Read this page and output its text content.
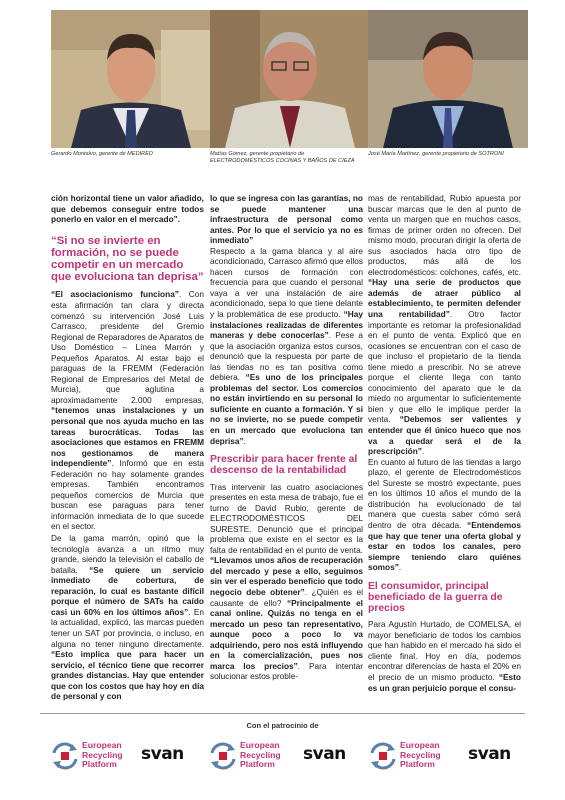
Gerardo Montalvo, gerente de MEDIRED	Matías Gómez, gerente propietario de
ELECTRODOMÉSTICOS COCINAS Y BAÑOS DE CIEZA
José María Martínez, gerente propietario de SOTRONI

ción horizontal tiene un valor añadido, que debemos conseguir entre todos ponerlo en valor en el mercado”.

“Si no se invierte en formación, no se puede competir en un mercado que evoluciona tan deprisa”

“El asociacionismo funciona”. Con esta afirmación tan clara y directa comenzó su intervención José Luis Carrasco, presidente del Gremio Regional de Reparadores de Aparatos de Uso Doméstico – Línea Marrón y Pequeños Aparatos. Al estar bajo el paraguas de la FREMM (Federación Regional de Empresarios del Metal de Murcia), que aglutina a aproximadamente 2.000 empresas, “tenemos unas instalaciones y un personal que nos ayuda mucho en las tareas burocráticas. Todas las asociaciones que estamos en FREMM nos gestionamos de manera independiente”. Informó que en esta Federación no hay solamente grandes empresas. También encontramos pequeños comercios de Murcia que buscan ese paraguas para tener información inmediata de lo que sucede en el sector.

De la gama marrón, opinó que la tecnología avanza a un ritmo muy grande, siendo la televisión el caballo de batalla. “Se quiere un servicio inmediato de cobertura, de reparación, lo cual es bastante difícil porque el número de SATs ha caído casi un 60% en los últimos años”. En la actualidad, explicó, las marcas pueden tener un SAT por provincia, o incluso, en alguna no tener ninguno directamente. “Esto implica que para hacer un servicio, el técnico tiene que recorrer grandes distancias. Hay que entender que con los costos que hay hoy en día de personal y con

lo que se ingresa con las garantías, no se puede mantener una infraestructura de personal como antes. Por lo que el servicio ya no es inmediato”

Respecto a la gama blanca y al aire acondicionado, Carrasco afirmó que ellos hacen cursos de formación con frecuencia para que cuando el personal vaya a ver una instalación de aire acondicionado, sepa lo que tiene delante y la problemática de ese producto. “Hay instalaciones realizadas de diferentes maneras y debe conocerlas”. Pese a que la asociación organiza estos cursos, denunció que la respuesta por parte de las tiendas no es tan positiva como debiera. “Es uno de los principales problemas del sector. Los comercios no están invirtiendo en su personal lo suficiente en cuanto a formación. Y si no se invierte, no se puede competir en un mercado que evoluciona tan deprisa”.

Prescribir para hacer frente al descenso de la rentabilidad

Tras intervenir las cuatro asociaciones presentes en esta mesa de trabajo, fue el turno de David Rubio, gerente de ELECTRODOMÉSTICOS DEL SURESTE. Denunció que el principal problema que existe en el sector es la falta de rentabilidad en el punto de venta. “Llevamos unos años de recuperación del mercado y pese a ello, seguimos sin ver el esperado beneficio que todo negocio debe obtener”. ¿Quién es el causante de ello? “Principalmente el canal online. Quizás no tenga en el mercado un peso tan representativo, aunque poco a poco lo va adquiriendo, pero nos está influyendo en la comercialización, pues nos marca los precios”. Para intentar solucionar estos proble-

mas de rentabilidad, Rubio apuesta por buscar marcas que le den al punto de venta un margen que en muchos casos, firmas de primer orden no ofrecen. Del mismo modo, procuran dirigir la oferta de sus asociados hacia otro tipo de productos, más allá de los electrodomésticos: colchones, cafés, etc. “Hay una serie de productos que además de atraer público al establecimiento, te permiten defender una rentabilidad”. Otro factor importante es retomar la profesionalidad en el punto de venta. Explicó que en ocasiones se encuentran con el caso de que incluso el propietario de la tienda tiene miedo a prescribir. No se atreve porque el cliente llega con tanto conocimiento del aparato que le da miedo no argumentar lo suficientemente bien y que ello le implique perder la venta. “Debemos ser valientes y entender que él único hueco que nos va a quedar será el de la prescripción”.

En cuanto al futuro de las tiendas a largo plazo, el gerente de Electrodomésticos del Sureste se mostró expectante, pues en los últimos 10 años el mundo de la distribución ha evolucionado de tal manera que cuesta saber cómo será dentro de otra década. “Entendemos que hay que tener una oferta global y estar en todos los canales, pero siempre teniendo claro quiénes somos”.

El consumidor, principal beneficiado de la guerra de precios

Para Agustín Hurtado, de COMELSA, el mayor beneficiario de todos los cambios que han habido en el mercado ha sido el cliente final. Hoy en día, podemos encontrar diferencias de hasta el 20% en el precio de un mismo producto. “Esto es un gran perjuicio porque el consu-

Con el patrocinio de
European
Recycling
Platform
svan	European
Recycling
Platform
svan	European
Recycling
Platform
svan
